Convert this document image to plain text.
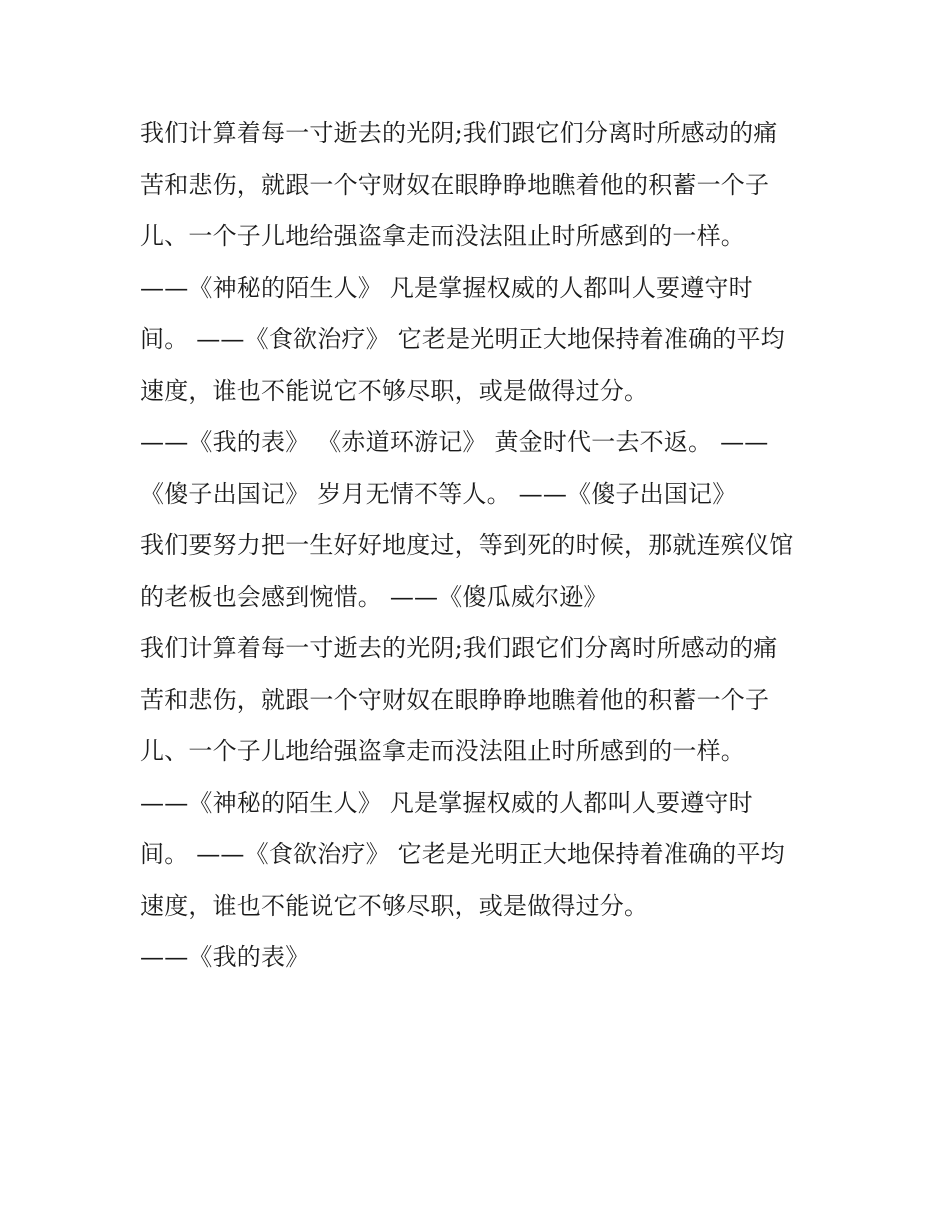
我们计算着每一寸逝去的光阴;我们跟它们分离时所感动的痛
苦和悲伤，就跟一个守财奴在眼睁睁地瞧着他的积蓄一个子
儿、一个子儿地给强盗拿走而没法阻止时所感到的一样。
——《神秘的陌生人》 凡是掌握权威的人都叫人要遵守时
间。 ——《食欲治疗》 它老是光明正大地保持着准确的平均
速度，谁也不能说它不够尽职，或是做得过分。
——《我的表》 《赤道环游记》 黄金时代一去不返。 ——
《傻子出国记》 岁月无情不等人。 ——《傻子出国记》
我们要努力把一生好好地度过，等到死的时候，那就连殡仪馆
的老板也会感到惋惜。 ——《傻瓜威尔逊》
我们计算着每一寸逝去的光阴;我们跟它们分离时所感动的痛
苦和悲伤，就跟一个守财奴在眼睁睁地瞧着他的积蓄一个子
儿、一个子儿地给强盗拿走而没法阻止时所感到的一样。
——《神秘的陌生人》 凡是掌握权威的人都叫人要遵守时
间。 ——《食欲治疗》 它老是光明正大地保持着准确的平均
速度，谁也不能说它不够尽职，或是做得过分。
——《我的表》
